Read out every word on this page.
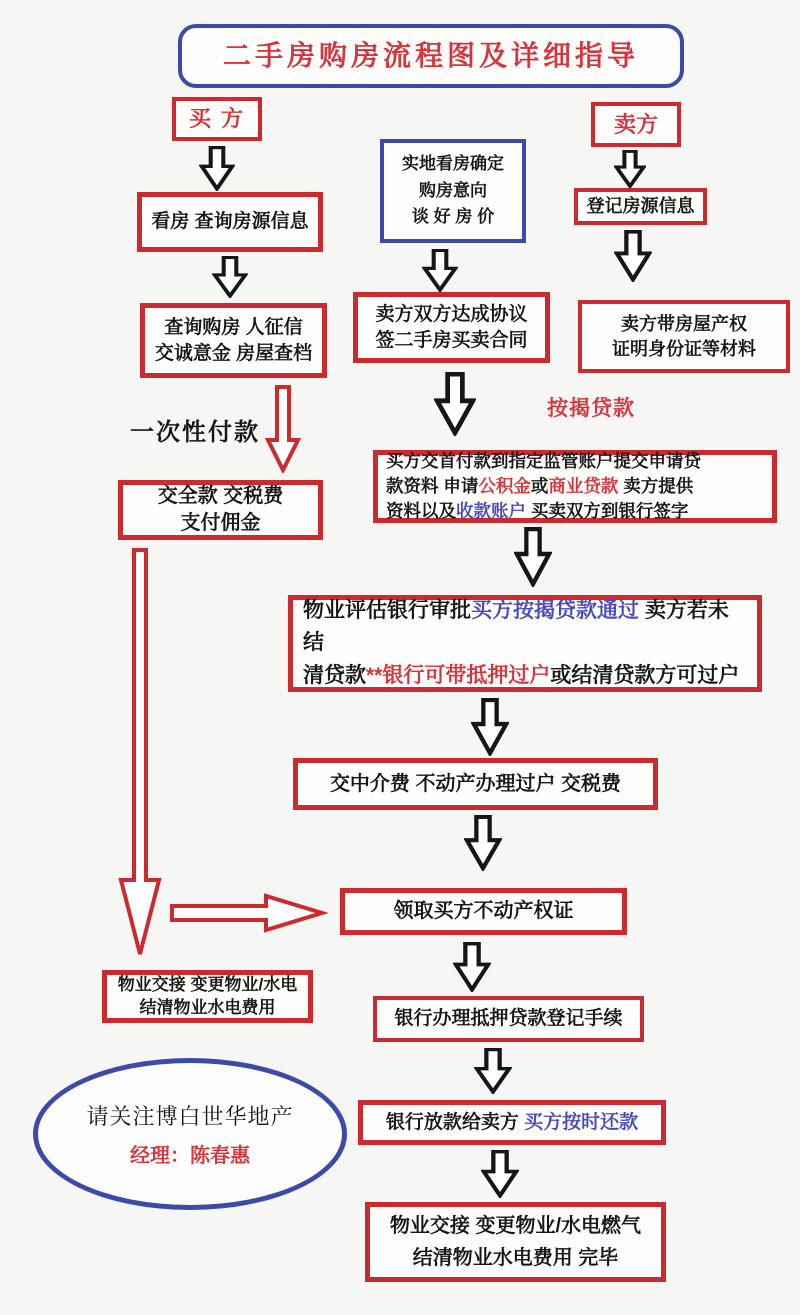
二手房购房流程图及详细指导
买 方	卖方
实地看房确定
购房意向
谈 好 房 价
看房 查询房源信息
登记房源信息
查询购房 人征信
交诚意金 房屋查档
卖方双方达成协议
签二手房买卖合同
卖方带房屋产权
证明身份证等材料
一次性付款
按揭贷款
交全款 交税费
支付佣金
买方交首付款到指定监管账户提交申请贷
款资料 申请公积金或商业贷款 卖方提供
资料以及收款账户 买卖双方到银行签字
物业评估银行审批买方按揭贷款通过 卖方若未结
清贷款**银行可带抵押过户或结清贷款方可过户
交中介费 不动产办理过户 交税费
领取买方不动产权证
物业交接 变更物业/水电
结清物业水电费用
银行办理抵押贷款登记手续
请关注博白世华地产
经理：陈春惠
银行放款给卖方 买方按时还款
物业交接 变更物业/水电燃气
结清物业水电费用 完毕
